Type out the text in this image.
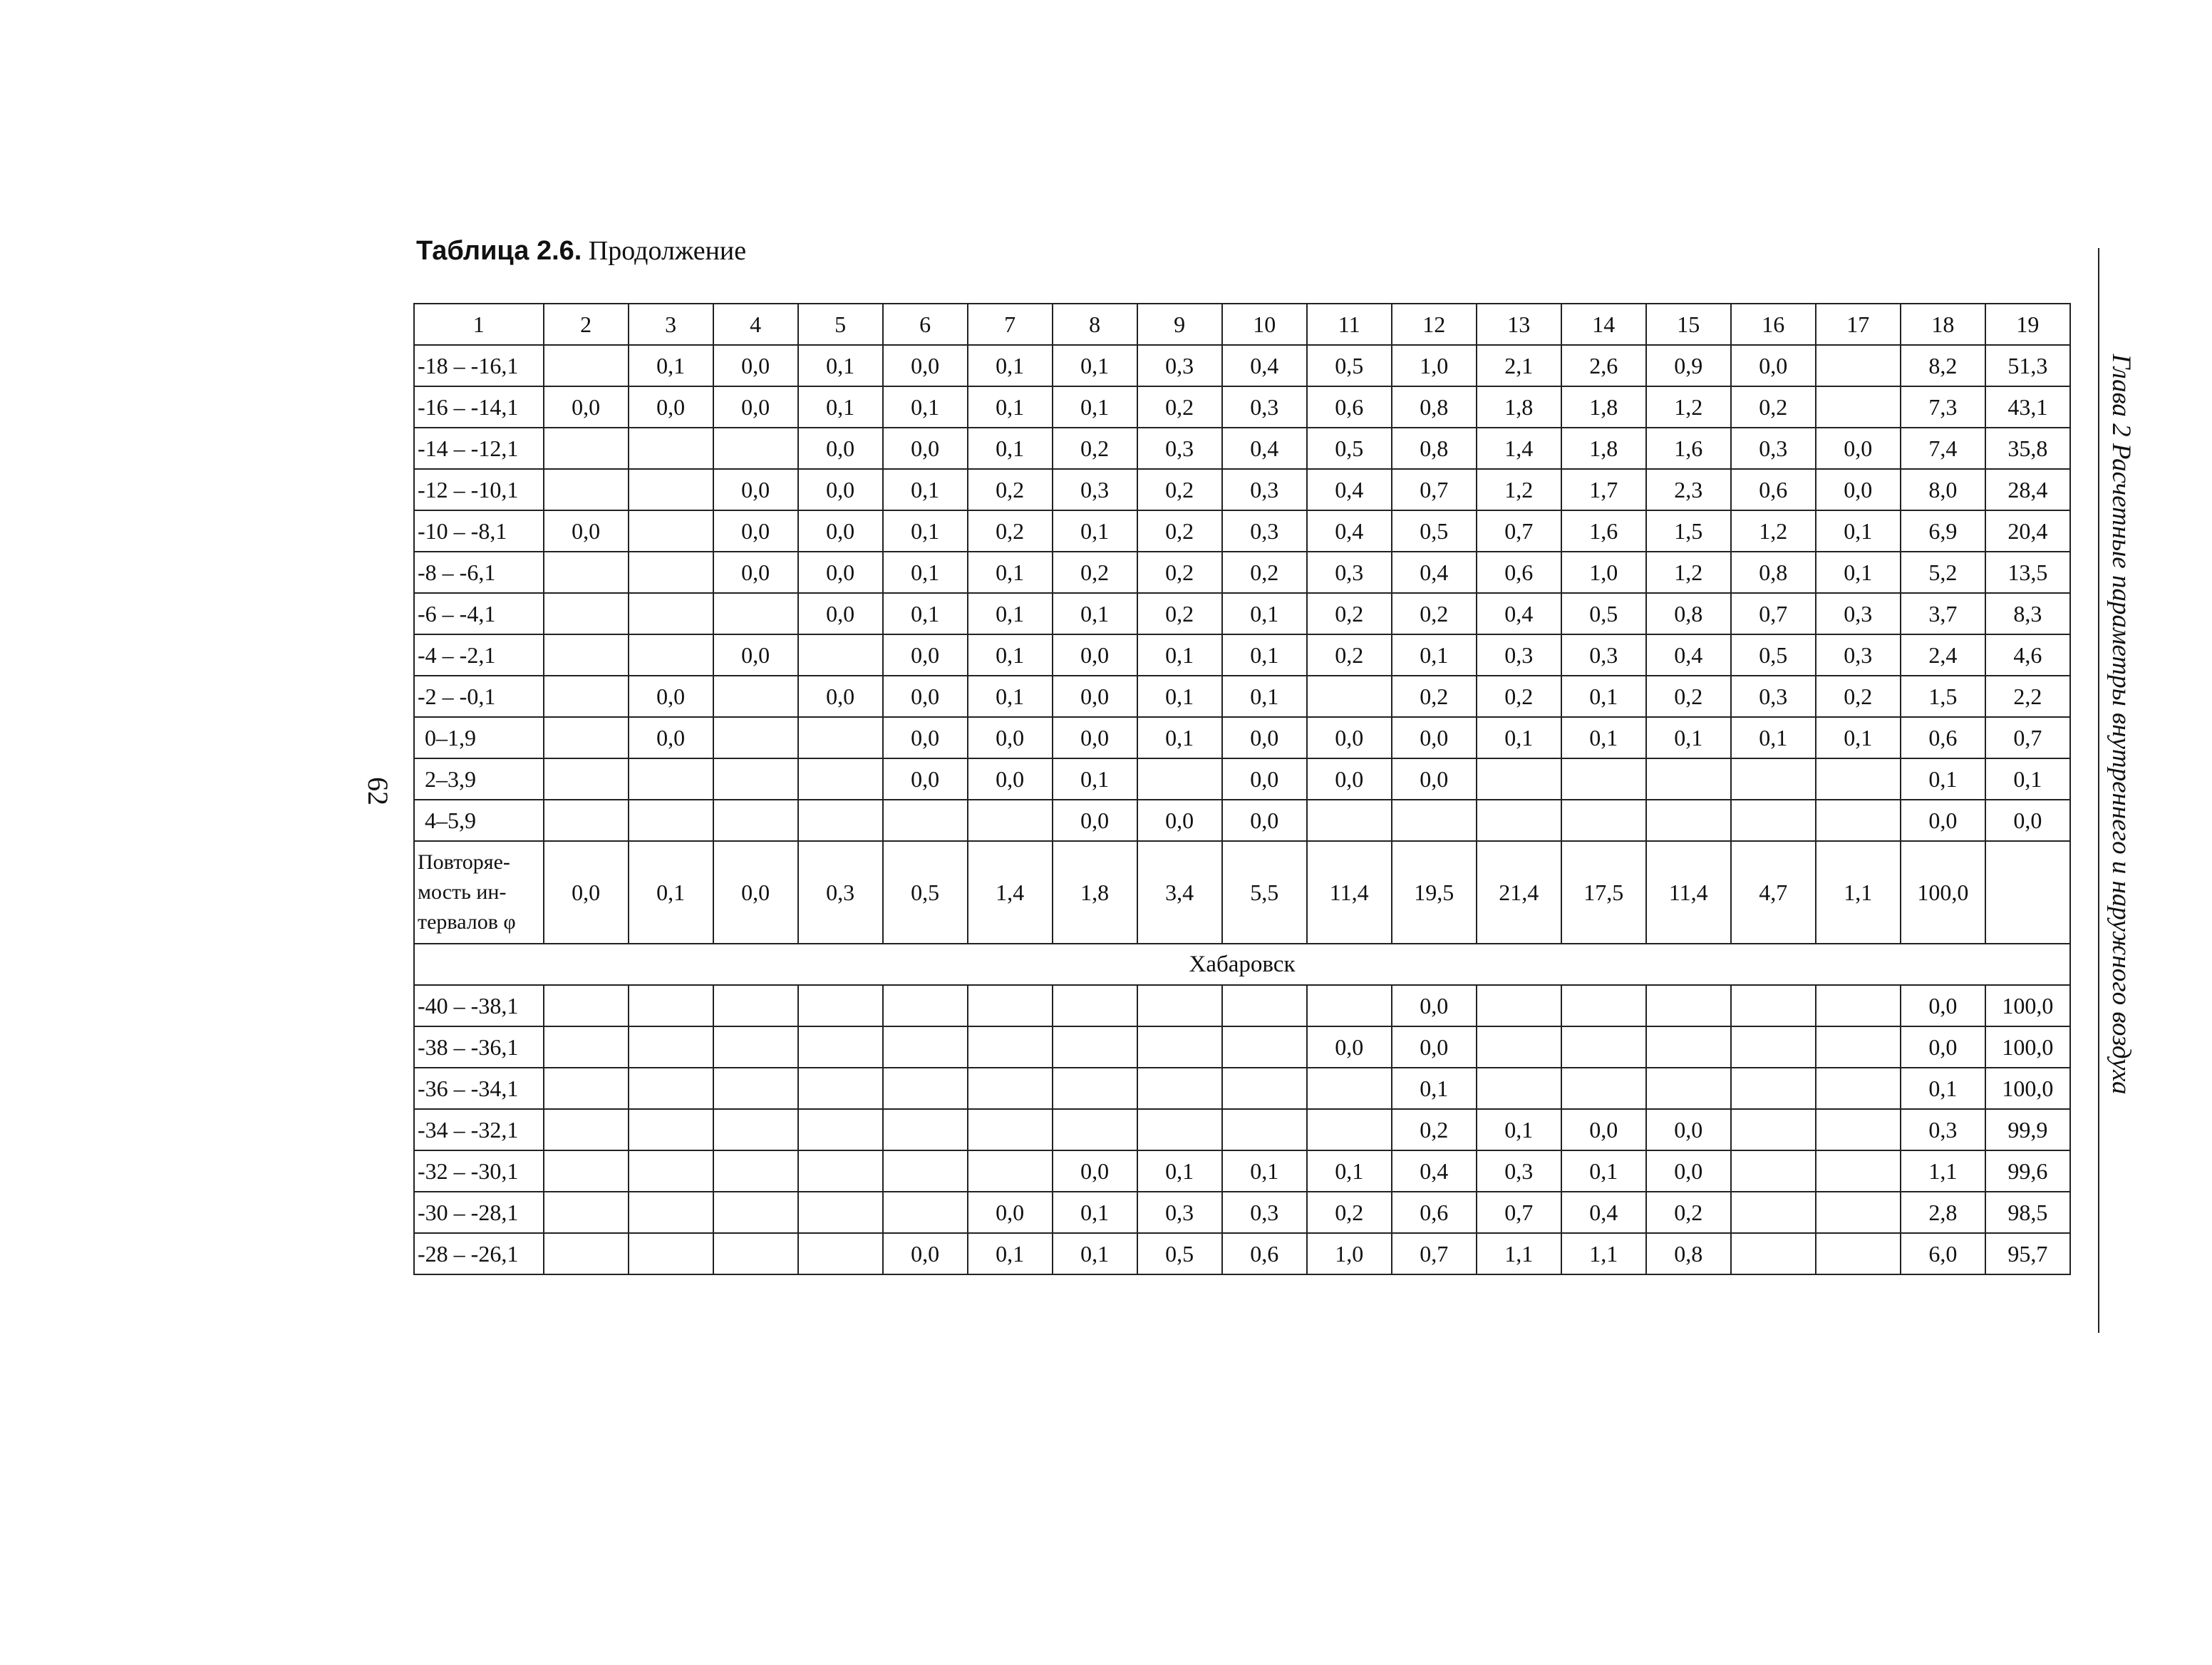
Таблица 2.6. Продолжение
62	Глава 2 Расчетные параметры внутреннего и наружного воздуха
1	2	3	4	5	6	7	8	9	10	11	12	13	14	15	16	17	18	19
-18 – -16,1		0,1	0,0	0,1	0,0	0,1	0,1	0,3	0,4	0,5	1,0	2,1	2,6	0,9	0,0		8,2	51,3
-16 – -14,1	0,0	0,0	0,0	0,1	0,1	0,1	0,1	0,2	0,3	0,6	0,8	1,8	1,8	1,2	0,2		7,3	43,1
-14 – -12,1				0,0	0,0	0,1	0,2	0,3	0,4	0,5	0,8	1,4	1,8	1,6	0,3	0,0	7,4	35,8
-12 – -10,1			0,0	0,0	0,1	0,2	0,3	0,2	0,3	0,4	0,7	1,2	1,7	2,3	0,6	0,0	8,0	28,4
-10 – -8,1	0,0		0,0	0,0	0,1	0,2	0,1	0,2	0,3	0,4	0,5	0,7	1,6	1,5	1,2	0,1	6,9	20,4
-8 – -6,1			0,0	0,0	0,1	0,1	0,2	0,2	0,2	0,3	0,4	0,6	1,0	1,2	0,8	0,1	5,2	13,5
-6 – -4,1				0,0	0,1	0,1	0,1	0,2	0,1	0,2	0,2	0,4	0,5	0,8	0,7	0,3	3,7	8,3
-4 – -2,1			0,0		0,0	0,1	0,0	0,1	0,1	0,2	0,1	0,3	0,3	0,4	0,5	0,3	2,4	4,6
-2 – -0,1		0,0		0,0	0,0	0,1	0,0	0,1	0,1		0,2	0,2	0,1	0,2	0,3	0,2	1,5	2,2
0–1,9		0,0			0,0	0,0	0,0	0,1	0,0	0,0	0,0	0,1	0,1	0,1	0,1	0,1	0,6	0,7
2–3,9					0,0	0,0	0,1		0,0	0,0	0,0						0,1	0,1
4–5,9							0,0	0,0	0,0								0,0	0,0
Повторяе-мость ин-тервалов φ	0,0	0,1	0,0	0,3	0,5	1,4	1,8	3,4	5,5	11,4	19,5	21,4	17,5	11,4	4,7	1,1	100,0	
Хабаровск																		
-40 – -38,1											0,0						0,0	100,0
-38 – -36,1										0,0	0,0						0,0	100,0
-36 – -34,1											0,1						0,1	100,0
-34 – -32,1											0,2	0,1	0,0	0,0			0,3	99,9
-32 – -30,1							0,0	0,1	0,1	0,1	0,4	0,3	0,1	0,0			1,1	99,6
-30 – -28,1						0,0	0,1	0,3	0,3	0,2	0,6	0,7	0,4	0,2			2,8	98,5
-28 – -26,1					0,0	0,1	0,1	0,5	0,6	1,0	0,7	1,1	1,1	0,8			6,0	95,7
